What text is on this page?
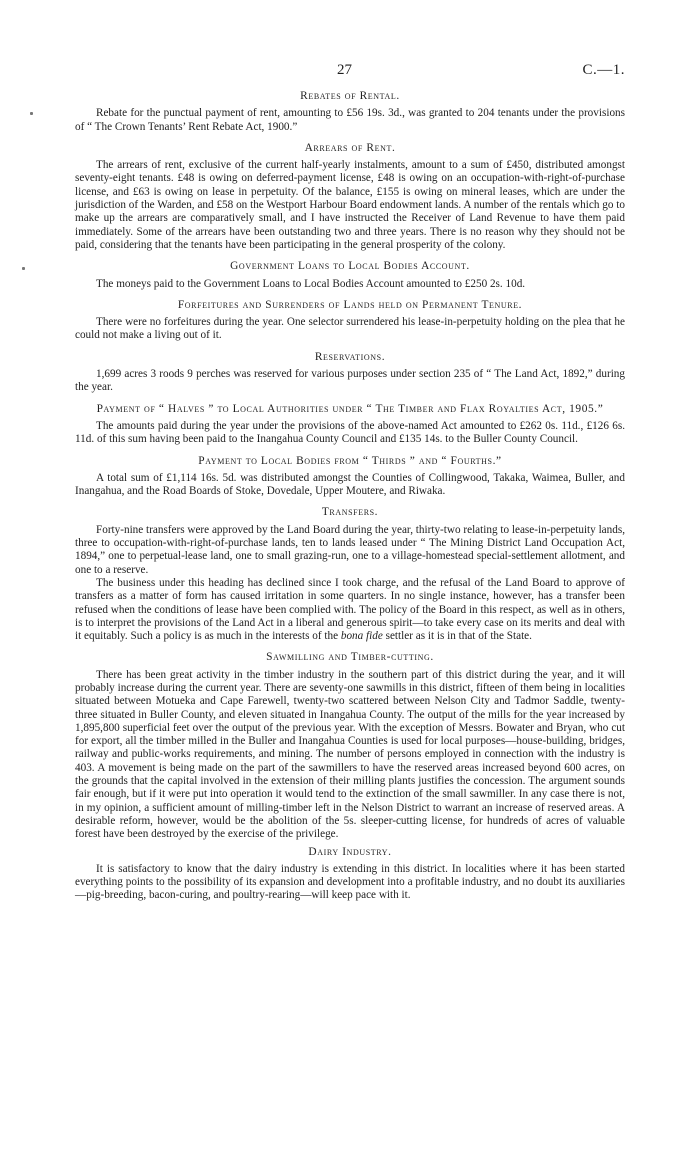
27	C.—1.
Rebates of Rental.

Rebate for the punctual payment of rent, amounting to £56 19s. 3d., was granted to 204 tenants under the provisions of “ The Crown Tenants’ Rent Rebate Act, 1900.”

Arrears of Rent.

The arrears of rent, exclusive of the current half-yearly instalments, amount to a sum of £450, distributed amongst seventy-eight tenants. £48 is owing on deferred-payment license, £48 is owing on an occupation-with-right-of-purchase license, and £63 is owing on lease in perpetuity. Of the balance, £155 is owing on mineral leases, which are under the jurisdiction of the Warden, and £58 on the Westport Harbour Board endowment lands. A number of the rentals which go to make up the arrears are comparatively small, and I have instructed the Receiver of Land Revenue to have them paid immediately. Some of the arrears have been outstanding two and three years. There is no reason why they should not be paid, considering that the tenants have been participating in the general prosperity of the colony.

Government Loans to Local Bodies Account.

The moneys paid to the Government Loans to Local Bodies Account amounted to £250 2s. 10d.

Forfeitures and Surrenders of Lands held on Permanent Tenure.

There were no forfeitures during the year. One selector surrendered his lease-in-perpetuity holding on the plea that he could not make a living out of it.

Reservations.

1,699 acres 3 roods 9 perches was reserved for various purposes under section 235 of “ The Land Act, 1892,” during the year.

Payment of “ Halves ” to Local Authorities under “ The Timber and Flax Royalties Act, 1905.”

The amounts paid during the year under the provisions of the above-named Act amounted to £262 0s. 11d., £126 6s. 11d. of this sum having been paid to the Inangahua County Council and £135 14s. to the Buller County Council.

Payment to Local Bodies from “ Thirds ” and “ Fourths.”

A total sum of £1,114 16s. 5d. was distributed amongst the Counties of Collingwood, Takaka, Waimea, Buller, and Inangahua, and the Road Boards of Stoke, Dovedale, Upper Moutere, and Riwaka.

Transfers.

Forty-nine transfers were approved by the Land Board during the year, thirty-two relating to lease-in-perpetuity lands, three to occupation-with-right-of-purchase lands, ten to lands leased under “ The Mining District Land Occupation Act, 1894,” one to perpetual-lease land, one to small grazing-run, one to a village-homestead special-settlement allotment, and one to a reserve.

The business under this heading has declined since I took charge, and the refusal of the Land Board to approve of transfers as a matter of form has caused irritation in some quarters. In no single instance, however, has a transfer been refused when the conditions of lease have been complied with. The policy of the Board in this respect, as well as in others, is to interpret the provisions of the Land Act in a liberal and generous spirit—to take every case on its merits and deal with it equitably. Such a policy is as much in the interests of the bona fide settler as it is in that of the State.

Sawmilling and Timber-cutting.

There has been great activity in the timber industry in the southern part of this district during the year, and it will probably increase during the current year. There are seventy-one sawmills in this district, fifteen of them being in localities situated between Motueka and Cape Farewell, twenty-two scattered between Nelson City and Tadmor Saddle, twenty-three situated in Buller County, and eleven situated in Inangahua County. The output of the mills for the year increased by 1,895,800 superficial feet over the output of the previous year. With the exception of Messrs. Bowater and Bryan, who cut for export, all the timber milled in the Buller and Inangahua Counties is used for local purposes—house-building, bridges, railway and public-works requirements, and mining. The number of persons employed in connection with the industry is 403. A movement is being made on the part of the sawmillers to have the reserved areas increased beyond 600 acres, on the grounds that the capital involved in the extension of their milling plants justifies the concession. The argument sounds fair enough, but if it were put into operation it would tend to the extinction of the small sawmiller. In any case there is not, in my opinion, a sufficient amount of milling-timber left in the Nelson District to warrant an increase of reserved areas. A desirable reform, however, would be the abolition of the 5s. sleeper-cutting license, for hundreds of acres of valuable forest have been destroyed by the exercise of the privilege.

Dairy Industry.

It is satisfactory to know that the dairy industry is extending in this district. In localities where it has been started everything points to the possibility of its expansion and development into a profitable industry, and no doubt its auxiliaries—pig-breeding, bacon-curing, and poultry-rearing—will keep pace with it.
